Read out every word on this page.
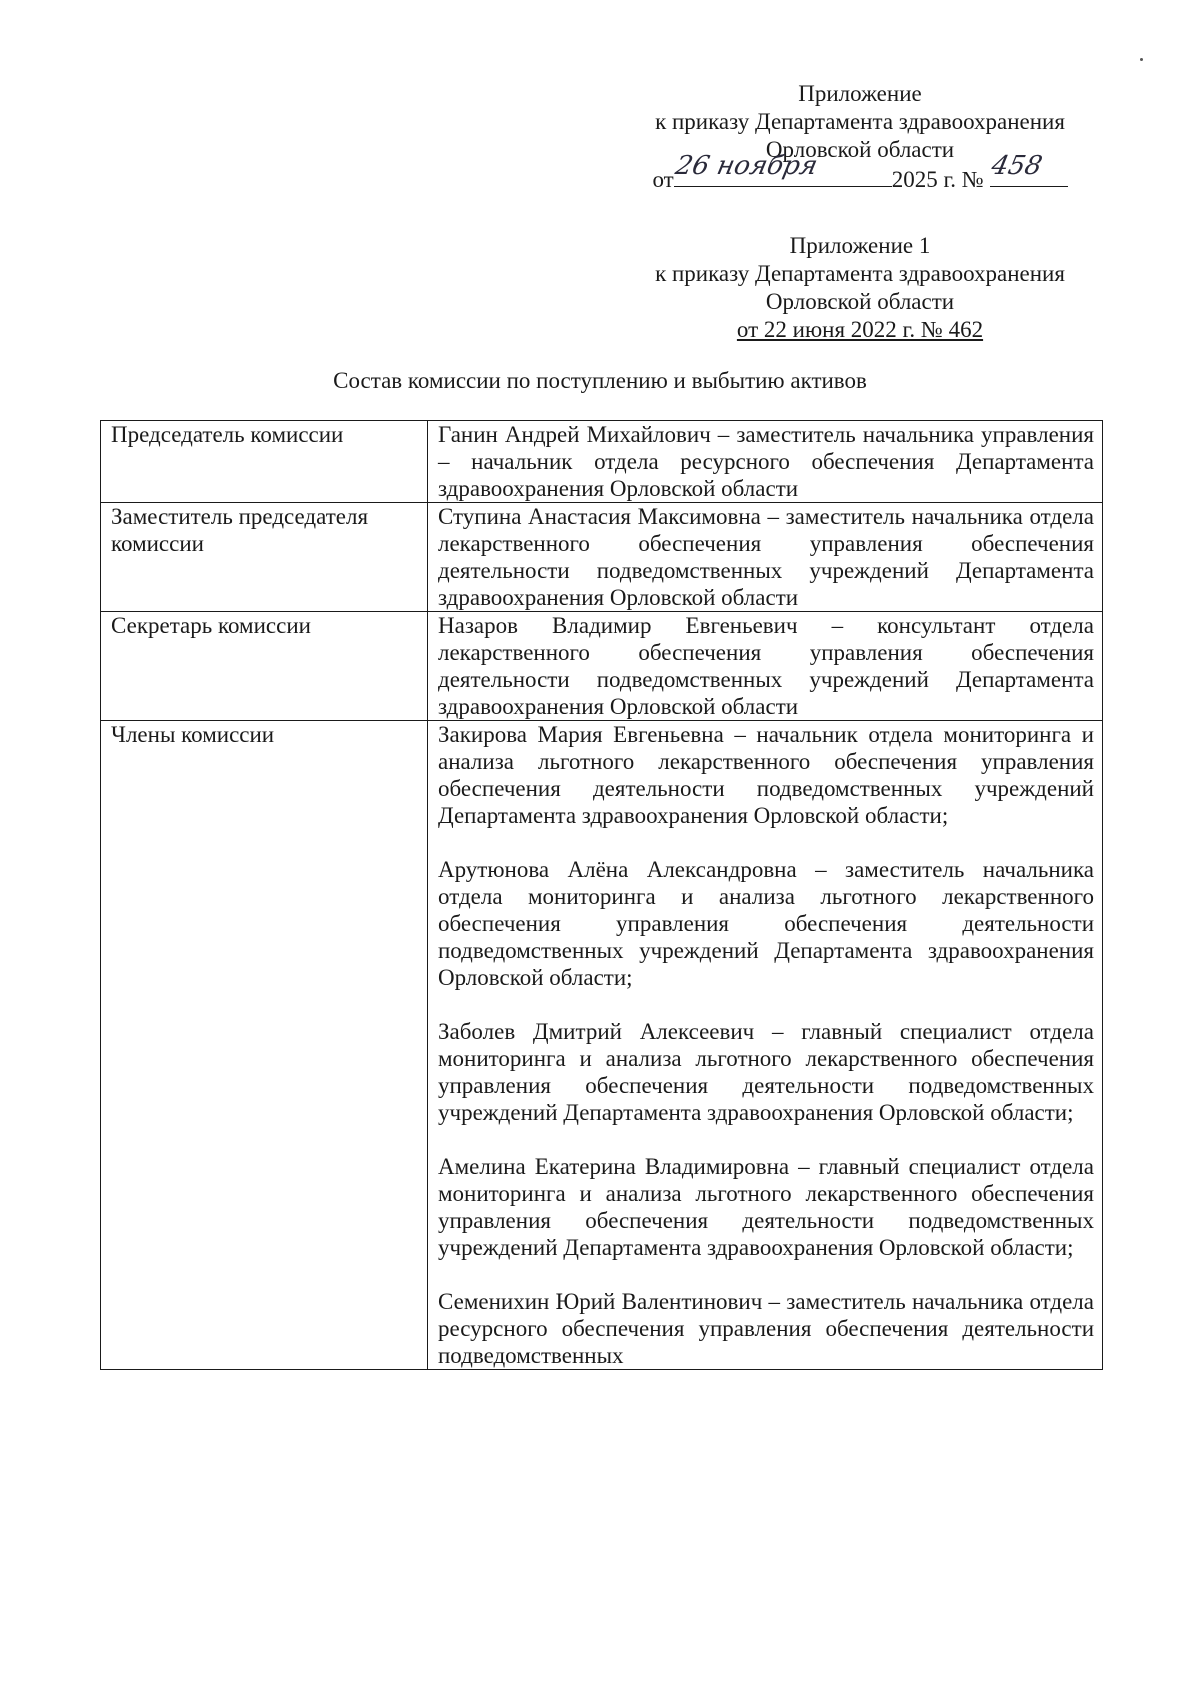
Приложение
к приказу Департамента здравоохранения
Орловской области
от
26 ноября	2025 г. № 458
Приложение 1
к приказу Департамента здравоохранения
Орловской области
от 22 июня 2022 г. № 462
Состав комиссии по поступлению и выбытию активов
Председатель комиссии	Ганин Андрей Михайлович – заместитель начальника управления – начальник отдела ресурсного обеспечения Департамента здравоохранения Орловской области

Заместитель председателя комиссии	Ступина Анастасия Максимовна – заместитель начальника отдела лекарственного обеспечения управления обеспечения деятельности подведомственных учреждений Департамента здравоохранения Орловской области

Секретарь комиссии	Назаров Владимир Евгеньевич – консультант отдела лекарственного обеспечения управления обеспечения деятельности подведомственных учреждений Департамента здравоохранения Орловской области

Члены комиссии	Закирова Мария Евгеньевна – начальник отдела мониторинга и анализа льготного лекарственного обеспечения управления обеспечения деятельности подведомственных учреждений Департамента здравоохранения Орловской области;

Арутюнова Алёна Александровна – заместитель начальника отдела мониторинга и анализа льготного лекарственного обеспечения управления обеспечения деятельности подведомственных учреждений Департамента здравоохранения Орловской области;

Заболев Дмитрий Алексеевич – главный специалист отдела мониторинга и анализа льготного лекарственного обеспечения управления обеспечения деятельности подведомственных учреждений Департамента здравоохранения Орловской области;

Амелина Екатерина Владимировна – главный специалист отдела мониторинга и анализа льготного лекарственного обеспечения управления обеспечения деятельности подведомственных учреждений Департамента здравоохранения Орловской области;

Семенихин Юрий Валентинович – заместитель начальника отдела ресурсного обеспечения управления обеспечения деятельности подведомственных
